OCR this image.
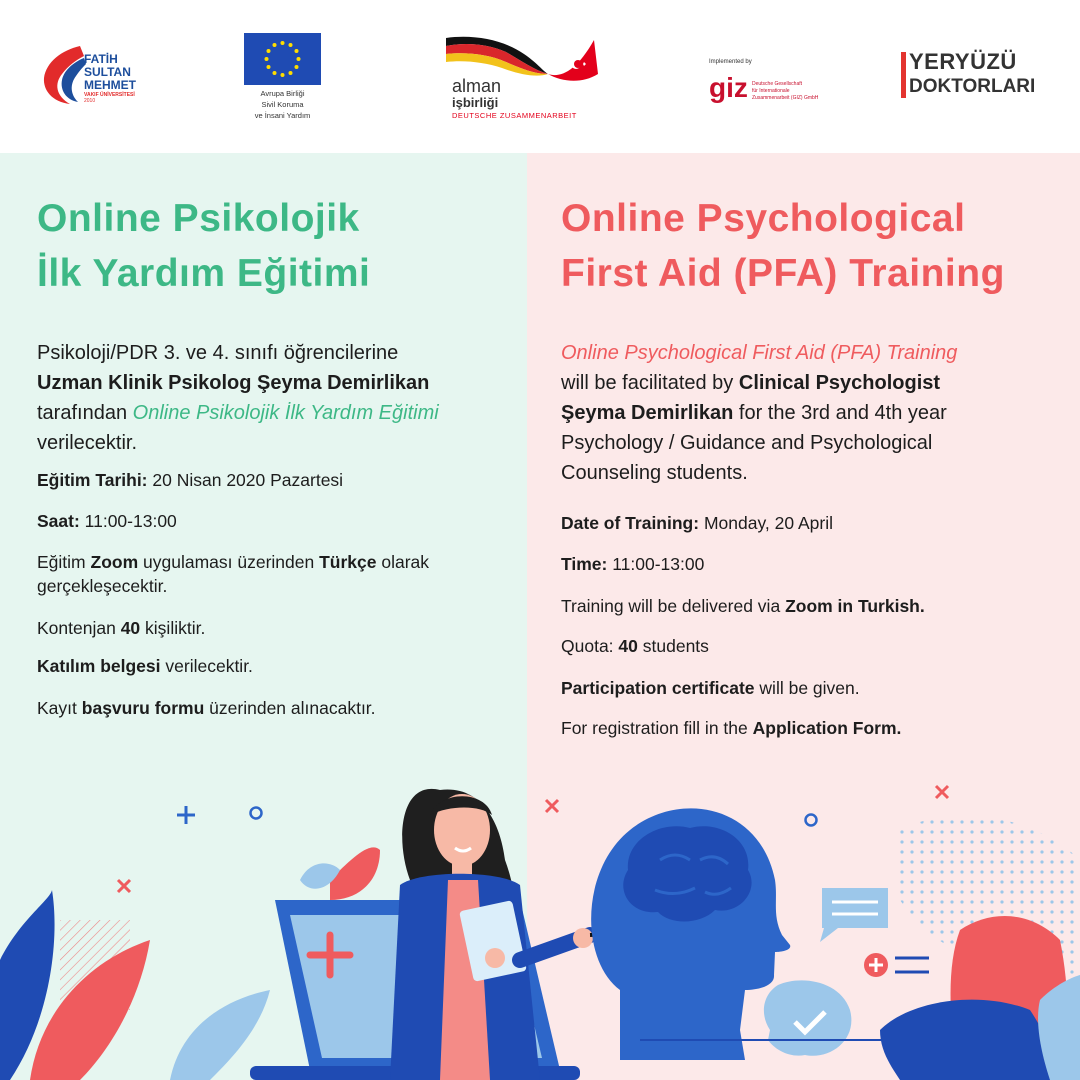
FATİH
SULTAN
MEHMET
VAKIF ÜNİVERSİTESİ
2010
Avrupa Birliği
Sivil Koruma
ve İnsani Yardım
alman
işbirliği
DEUTSCHE ZUSAMMENARBEIT
Implemented by
giz Deutsche Gesellschaft
für Internationale
Zusammenarbeit (GIZ) GmbH
YERYÜZÜ
DOKTORLARI
Online Psikolojik
İlk Yardım Eğitimi
Online Psychological
First Aid (PFA) Training
Psikoloji/PDR 3. ve 4. sınıfı öğrencilerine
Uzman Klinik Psikolog Şeyma Demirlikan
tarafından Online Psikolojik İlk Yardım Eğitimi
verilecektir.

Eğitim Tarihi: 20 Nisan 2020 Pazartesi

Saat: 11:00-13:00

Eğitim Zoom uygulaması üzerinden Türkçe olarak
gerçekleşecektir.

Kontenjan 40 kişiliktir.

Katılım belgesi verilecektir.

Kayıt başvuru formu üzerinden alınacaktır.

Online Psychological First Aid (PFA) Training
will be facilitated by Clinical Psychologist
Şeyma Demirlikan for the 3rd and 4th year
Psychology / Guidance and Psychological
Counseling students.

Date of Training: Monday, 20 April

Time: 11:00-13:00

Training will be delivered via Zoom in Turkish.

Quota: 40 students

Participation certificate will be given.

For registration fill in the Application Form.
